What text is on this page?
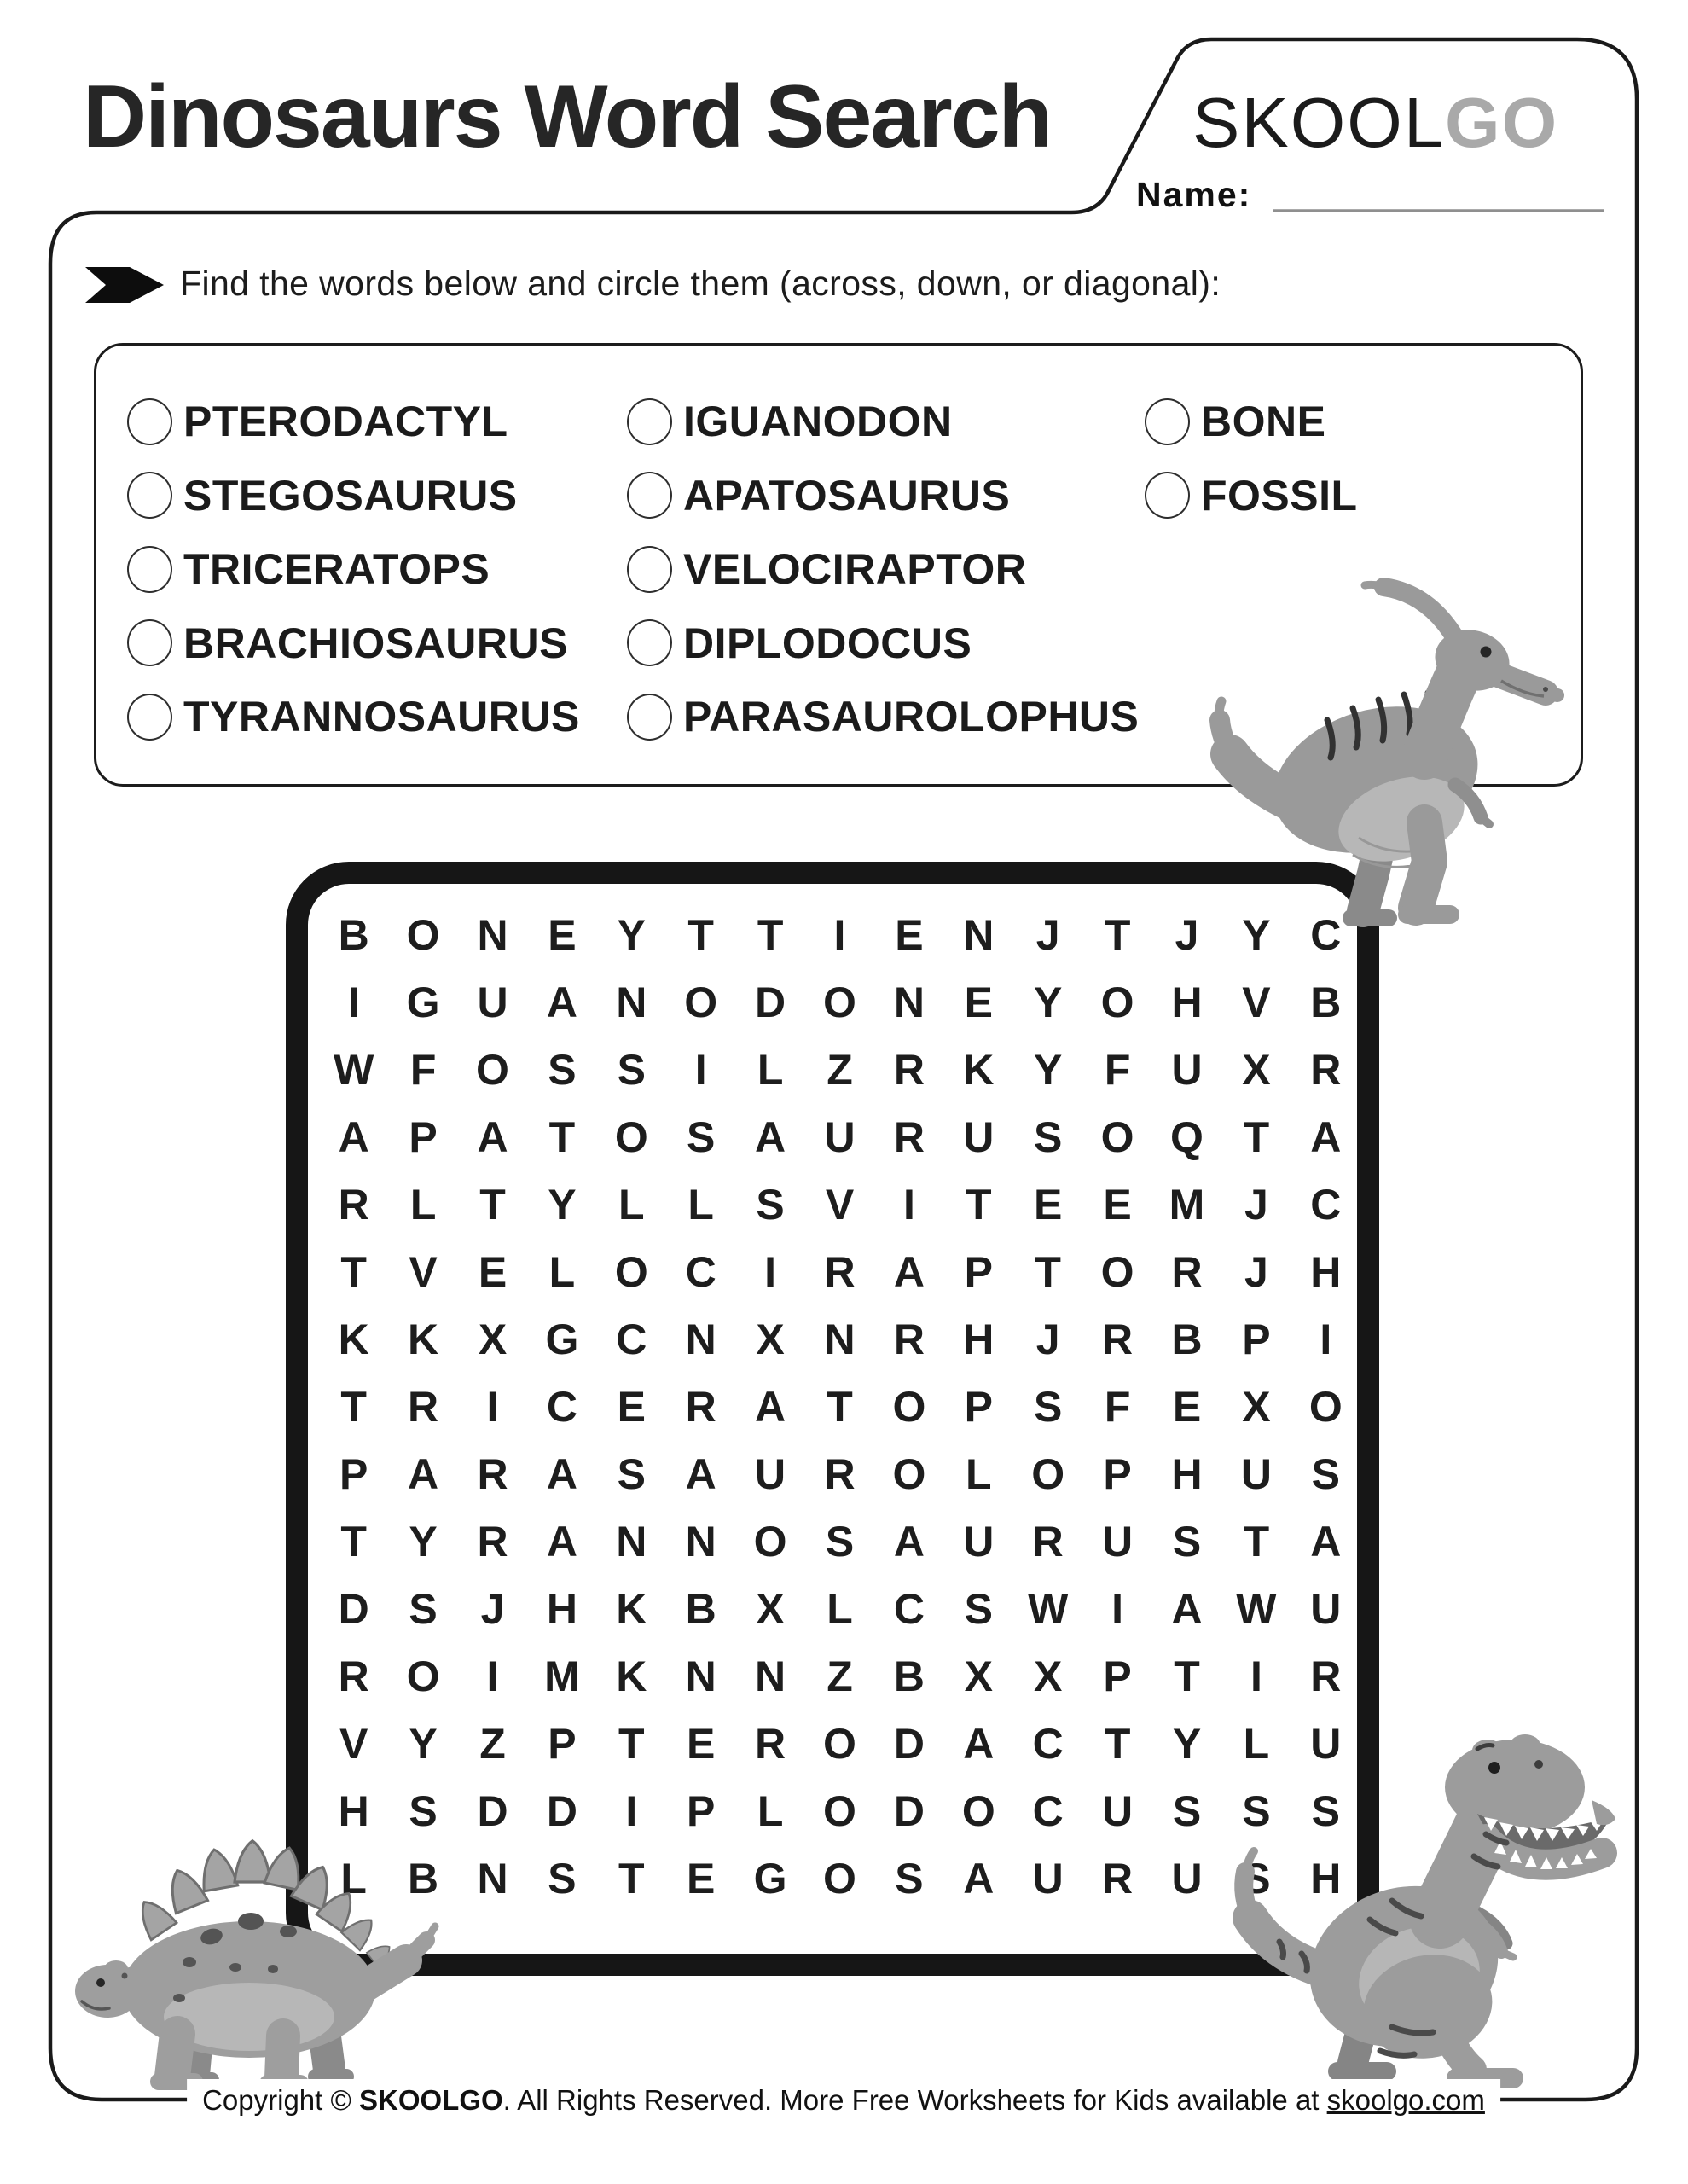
Dinosaurs Word Search SKOOLGO
Name:
Find the words below and circle them (across, down, or diagonal):
PTERODACTYL
STEGOSAURUS
TRICERATOPS
BRACHIOSAURUS
TYRANNOSAURUS
IGUANODON
APATOSAURUS
VELOCIRAPTOR
DIPLODOCUS
PARASAUROLOPHUS
BONE
FOSSIL
B O N E Y T	T	I	E N J	T	J	Y C
I	G U A N O D O N E Y O H V B
W F O S S	I	L	Z R K Y F U X R
A P A T O S A U R U S O Q T A
R L	T Y L	L S V	I	T E E M J C
T V E L O C	I	R A P T O R J H
K K X G C N X N R H J R B P	I
T R	I	C E R A T O P S F E X O
P A R A S A U R O L O P H U S
T Y R A N N O S A U R U S T A
D S	J H K B X L C S W	I	A W U
R O	I	M K N N Z B X X P T	I	R
V Y Z P T E R O D A C T Y L U
H S D D	I	P L O D O C U S S S
L B N S T E G O S A U R U S H
Copyright © SKOOLGO. All Rights Reserved. More Free Worksheets for Kids available at skoolgo.com
